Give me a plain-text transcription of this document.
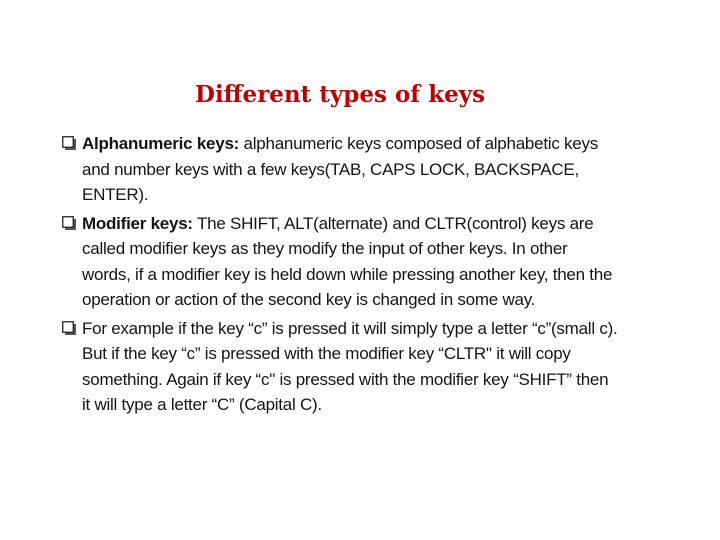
Different types of keys
Alphanumeric keys: alphanumeric keys composed of alphabetic keys and number keys with a few keys(TAB, CAPS LOCK, BACKSPACE, ENTER).
Modifier keys: The SHIFT, ALT(alternate) and CLTR(control) keys are called modifier keys as they modify the input of other keys. In other words, if a modifier key is held down while pressing another key, then the operation or action of the second key is changed in some way.
For example if the key “c” is pressed it will simply type a letter “c”(small c). But if the key “c” is pressed with the modifier key “CLTR" it will copy something. Again if key “c" is pressed with the modifier key “SHIFT” then it will type a letter “C” (Capital C).
